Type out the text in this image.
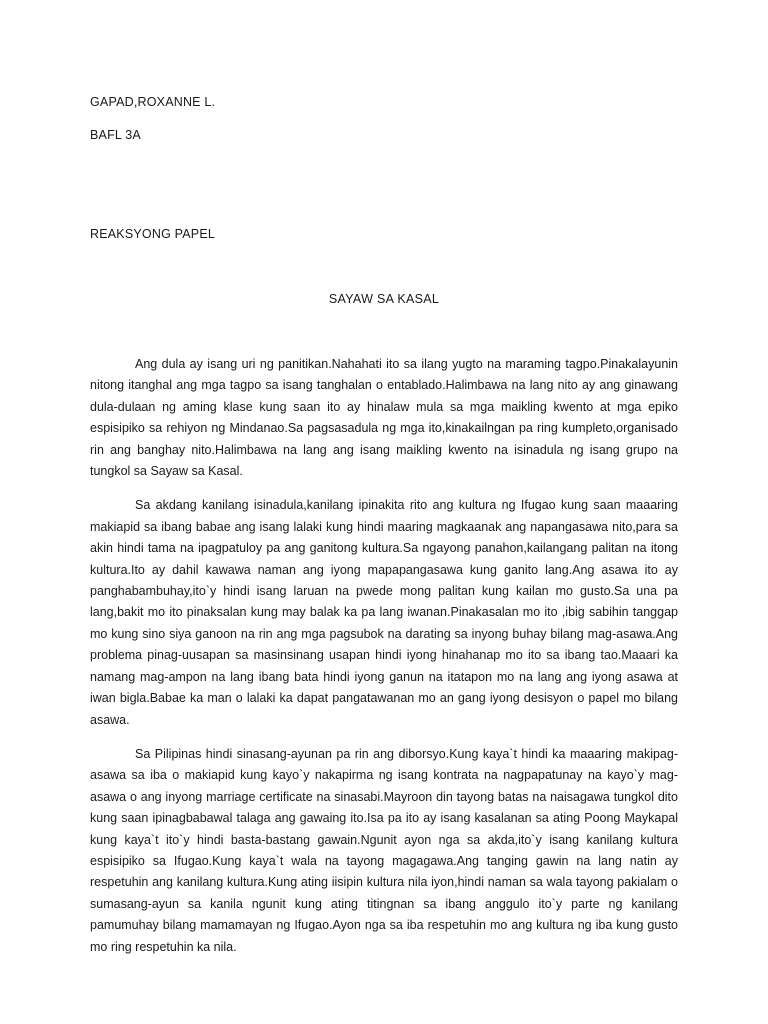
GAPAD,ROXANNE L.
BAFL 3A
REAKSYONG PAPEL
SAYAW SA KASAL

Ang dula ay isang uri ng panitikan.Nahahati ito sa ilang yugto na maraming tagpo.Pinakalayunin nitong itanghal ang mga tagpo sa isang tanghalan o entablado.Halimbawa na lang nito ay ang ginawang dula-dulaan ng aming klase kung saan ito ay hinalaw mula sa mga maikling kwento at mga epiko espisipiko sa rehiyon ng Mindanao.Sa pagsasadula ng mga ito,kinakailngan pa ring kumpleto,organisado rin ang banghay nito.Halimbawa na lang ang isang maikling kwento na isinadula ng isang grupo na tungkol sa Sayaw sa Kasal.

Sa akdang kanilang isinadula,kanilang ipinakita rito ang kultura ng Ifugao kung saan maaaring makiapid sa ibang babae ang isang lalaki kung hindi maaring magkaanak ang napangasawa nito,para sa akin hindi tama na ipagpatuloy pa ang ganitong kultura.Sa ngayong panahon,kailangang palitan na itong kultura.Ito ay dahil kawawa naman ang iyong mapapangasawa kung ganito lang.Ang asawa ito ay panghabambuhay,ito`y hindi isang laruan na pwede mong palitan kung kailan mo gusto.Sa una pa lang,bakit mo ito pinaksalan kung may balak ka pa lang iwanan.Pinakasalan mo ito ,ibig sabihin tanggap mo kung sino siya ganoon na rin ang mga pagsubok na darating sa inyong buhay bilang mag-asawa.Ang problema pinag-uusapan sa masinsinang usapan hindi iyong hinahanap mo ito sa ibang tao.Maaari ka namang mag-ampon na lang ibang bata hindi iyong ganun na itatapon mo na lang ang iyong asawa at iwan bigla.Babae ka man o lalaki ka dapat pangatawanan mo an gang iyong desisyon o papel mo bilang asawa.

Sa Pilipinas hindi sinasang-ayunan pa rin ang diborsyo.Kung kaya`t hindi ka maaaring makipag-asawa sa iba o makiapid kung kayo`y nakapirma ng isang kontrata na nagpapatunay na kayo`y mag-asawa o ang inyong marriage certificate na sinasabi.Mayroon din tayong batas na naisagawa tungkol dito kung saan ipinagbabawal talaga ang gawaing ito.Isa pa ito ay isang kasalanan sa ating Poong Maykapal kung kaya`t ito`y hindi basta-bastang gawain.Ngunit ayon nga sa akda,ito`y isang kanilang kultura espisipiko sa Ifugao.Kung kaya`t wala na tayong magagawa.Ang tanging gawin na lang natin ay respetuhin ang kanilang kultura.Kung ating iisipin kultura nila iyon,hindi naman sa wala tayong pakialam o sumasang-ayun sa kanila ngunit kung ating titingnan sa ibang anggulo ito`y parte ng kanilang pamumuhay bilang mamamayan ng Ifugao.Ayon nga sa iba respetuhin mo ang kultura ng iba kung gusto mo ring respetuhin ka nila.
